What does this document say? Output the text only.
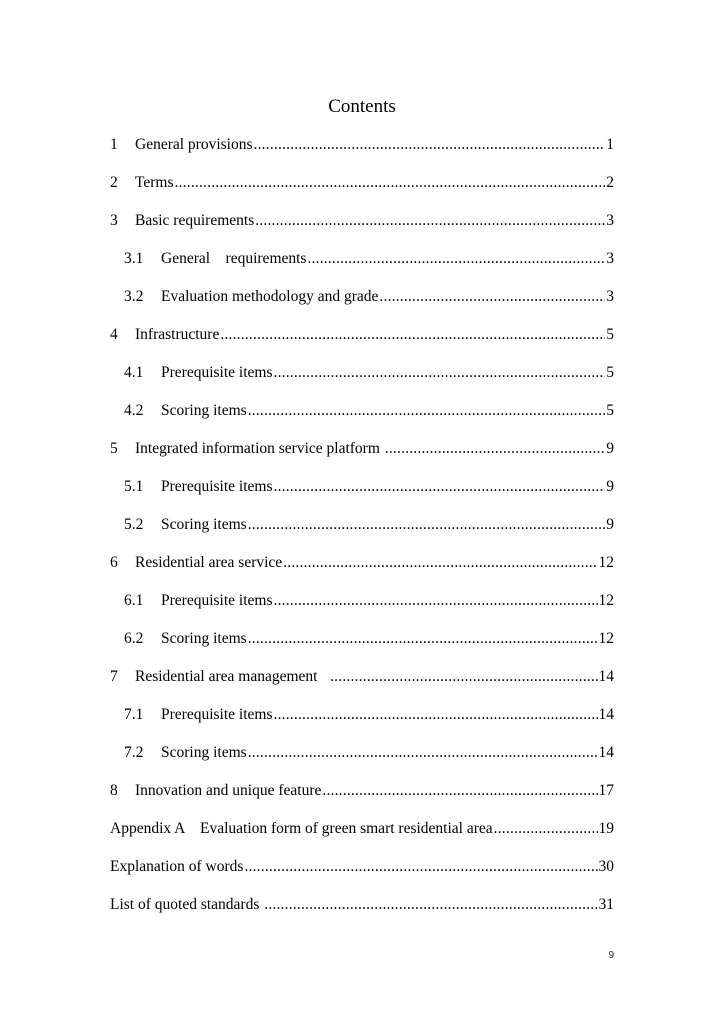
Contents
1	General provisions .....	1
2	Terms .....	2
3	Basic requirements .....	3
3.1	General    requirements .....	3
3.2	Evaluation methodology and grade .....	3
4	Infrastructure .....	5
4.1	Prerequisite items .....	5
4.2	Scoring items .....	5
5	Integrated information service platform .....	9
5.1	Prerequisite items .....	9
5.2	Scoring items .....	9
6	Residential area service .....	12
6.1	Prerequisite items .....	12
6.2	Scoring items .....	12
7	Residential area management .....	14
7.1	Prerequisite items .....	14
7.2	Scoring items .....	14
8	Innovation and unique feature .....	17
Appendix A    Evaluation form of green smart residential area .....	19
Explanation of words .....	30
List of quoted standards .....	31
9
